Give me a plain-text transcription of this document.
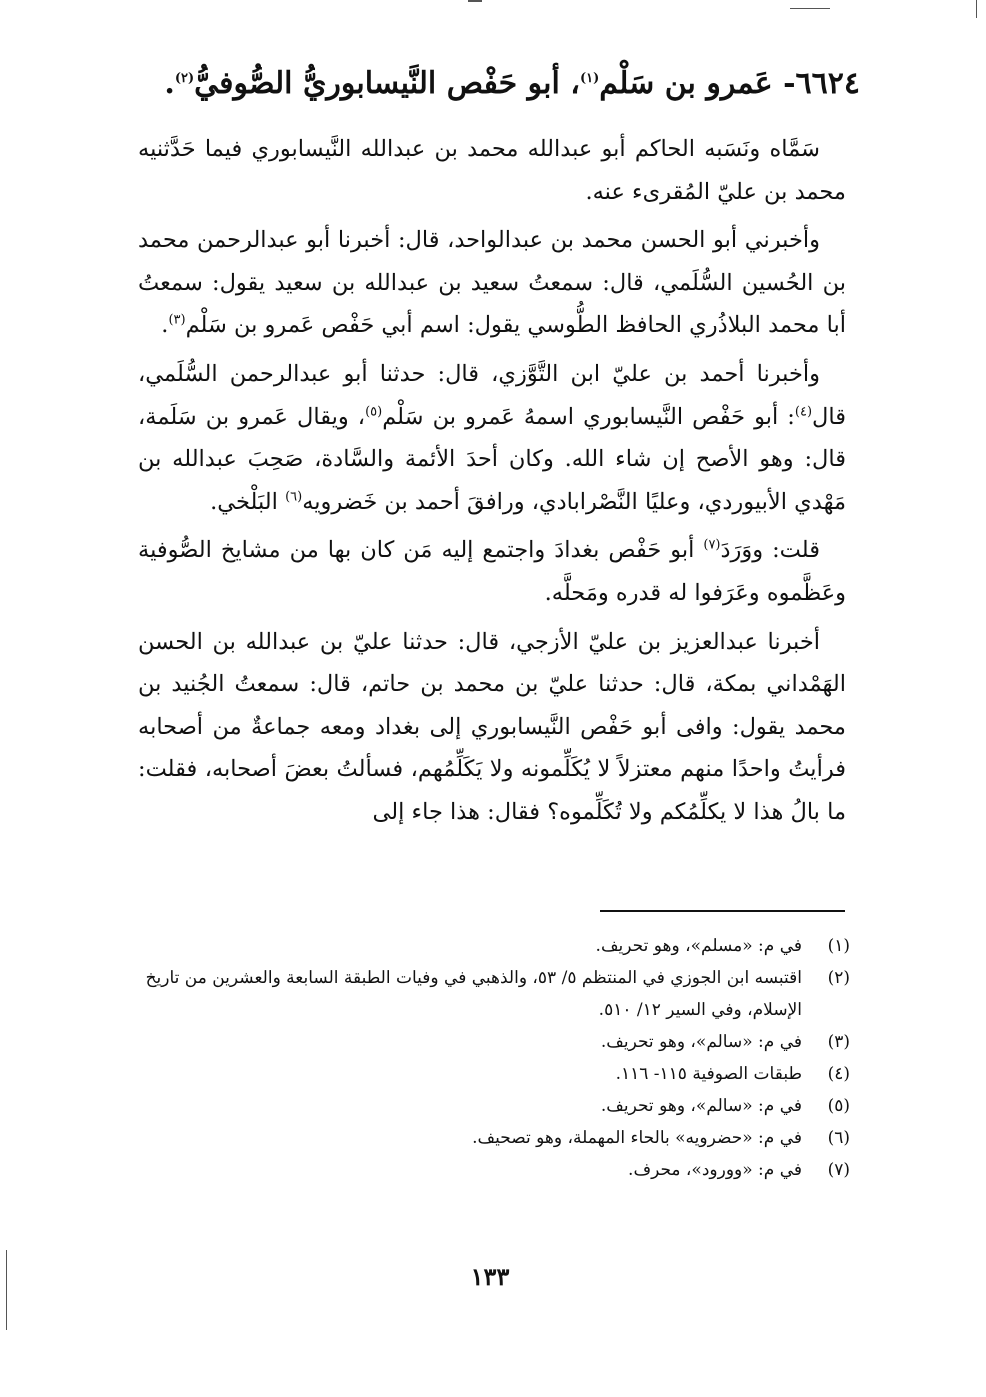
٦٦٢٤- عَمرو بن سَلْم$^{(١)}$، أبو حَفْص النَّيسابوريُّ الصُّوفيُّ$^{(٢)}$.

سَمَّاه ونَسَبه الحاكم أبو عبدالله محمد بن عبدالله النَّيسابوري فيما حَدَّثنيه محمد بن عليّ المُقرىء عنه.

وأخبرني أبو الحسن محمد بن عبدالواحد، قال: أخبرنا أبو عبدالرحمن محمد بن الحُسين السُّلَمي، قال: سمعتُ سعيد بن عبدالله بن سعيد يقول: سمعتُ أبا محمد البلاذُري الحافظ الطُّوسي يقول: اسم أبي حَفْص عَمرو بن سَلْم$^{(٣)}$.

وأخبرنا أحمد بن عليّ ابن التَّوَّزي، قال: حدثنا أبو عبدالرحمن السُّلَمي، قال$^{(٤)}$: أبو حَفْص النَّيسابوري اسمهُ عَمرو بن سَلْم$^{(٥)}$، ويقال عَمرو بن سَلَمة، قال: وهو الأصح إن شاء الله. وكان أحدَ الأئمة والسَّادة، صَحِبَ عبدالله بن مَهْدي الأبيوردي، وعليًا النَّصْرابادي، ورافقَ أحمد بن خَضرويه$^{(٦)}$ البَلْخي.

قلت: ووَرَدَ$^{(٧)}$ أبو حَفْص بغدادَ واجتمع إليه مَن كان بها من مشايخ الصُّوفية وعَظَّموه وعَرَفوا له قدره ومَحلَّه.

أخبرنا عبدالعزيز بن عليّ الأزجي، قال: حدثنا عليّ بن عبدالله بن الحسن الهَمْداني بمكة، قال: حدثنا عليّ بن محمد بن حاتم، قال: سمعتُ الجُنيد بن محمد يقول: وافى أبو حَفْص النَّيسابوري إلى بغداد ومعه جماعةٌ من أصحابه فرأيتُ واحدًا منهم معتزلاً لا يُكَلِّمونه ولا يَكَلِّمُهم، فسألتُ بعضَ أصحابه، فقلت: ما بالُ هذا لا يكلِّمُكم ولا تُكَلِّموه؟ فقال: هذا جاء إلى

(١)
في م: «مسلم»، وهو تحريف.
(٢)
اقتبسه ابن الجوزي في المنتظم ٥/ ٥٣، والذهبي في وفيات الطبقة السابعة والعشرين من تاريخ الإسلام، وفي السير ١٢/ ٥١٠.
(٣)
في م: «سالم»، وهو تحريف.
(٤)
طبقات الصوفية ١١٥- ١١٦.
(٥)
في م: «سالم»، وهو تحريف.
(٦)
في م: «حضرويه» بالحاء المهملة، وهو تصحيف.
(٧)
في م: «وورود»، محرف.
١٣٣
